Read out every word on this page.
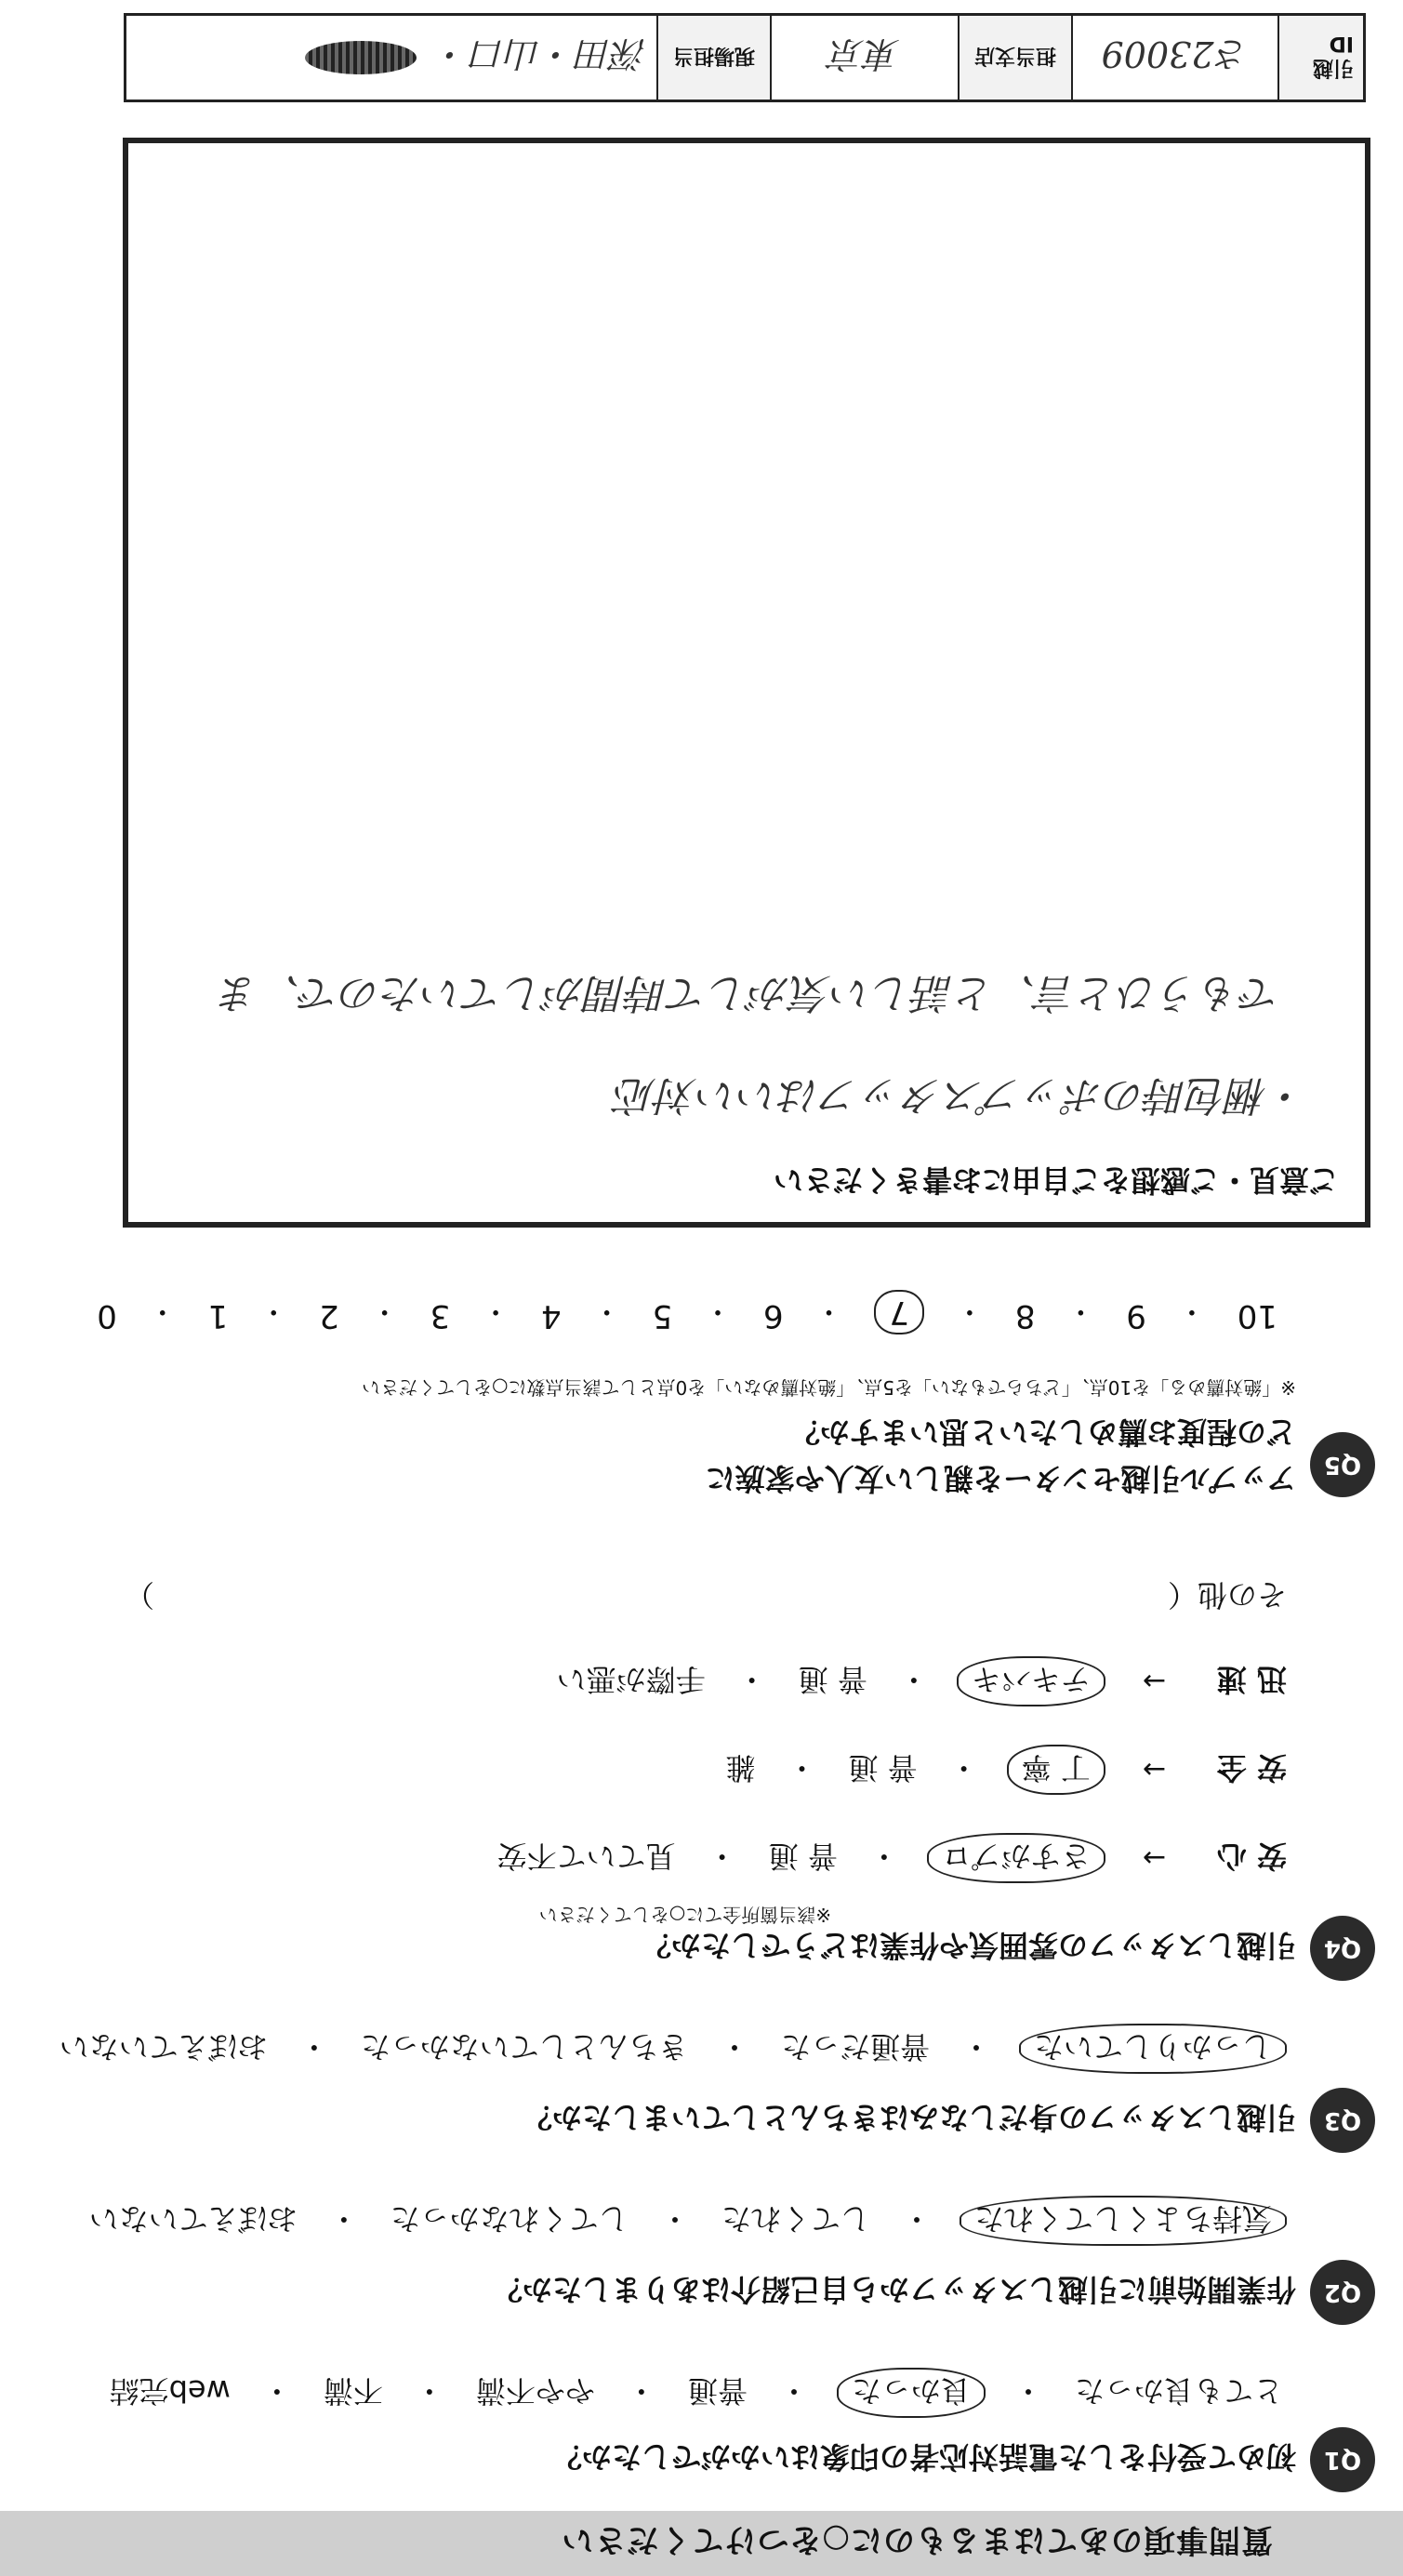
質問事項のあてはまるものに○をつけてください
Q1
初めて受付をした電話対応者の印象はいかがでしたか？
とても良かった
・
良かった
・
普通
・
やや不満
・
不満
・
web完結
Q2
作業開始前に引越しスタッフから自己紹介はありましたか？
気持ちよくしてくれた
・
してくれた
・
してくれなかった
・
おぼえていない
Q3
引越しスタッフの身だしなみはきちんとしていましたか？
しっかりしていた
・
普通だった
・
きちんとしていなかった
・
おぼえていない
Q4
引越しスタッフの雰囲気や作業はどうでしたか？
※該当箇所全てに○をしてください
安 心
→
さすがプロ
・
普 通
・
見ていて不安
安 全
→
丁 寧
・
普 通
・
雑
迅 速
→
テキパキ
・
普 通
・
手際が悪い
その他（
）
Q5
アップル引越センターを親しい友人や家族に
どの程度お薦めしたいと思いますか？
※「絶対薦める」を10点、「どちらでもない」を5点、「絶対薦めない」を0点として該当点数に○をしてください
10
・
9
・
8
・
7
・
6
・
5
・
4
・
3
・
2
・
1
・
0
ご意見・ご感想をご自由にお書きください
・梱包時のポップスタッフはいい対応
でもうひと言、と話しい気がして時間がしていたので、ま
引越ID
さ23009
担当支店
東京
現場担当
深田・山口・
